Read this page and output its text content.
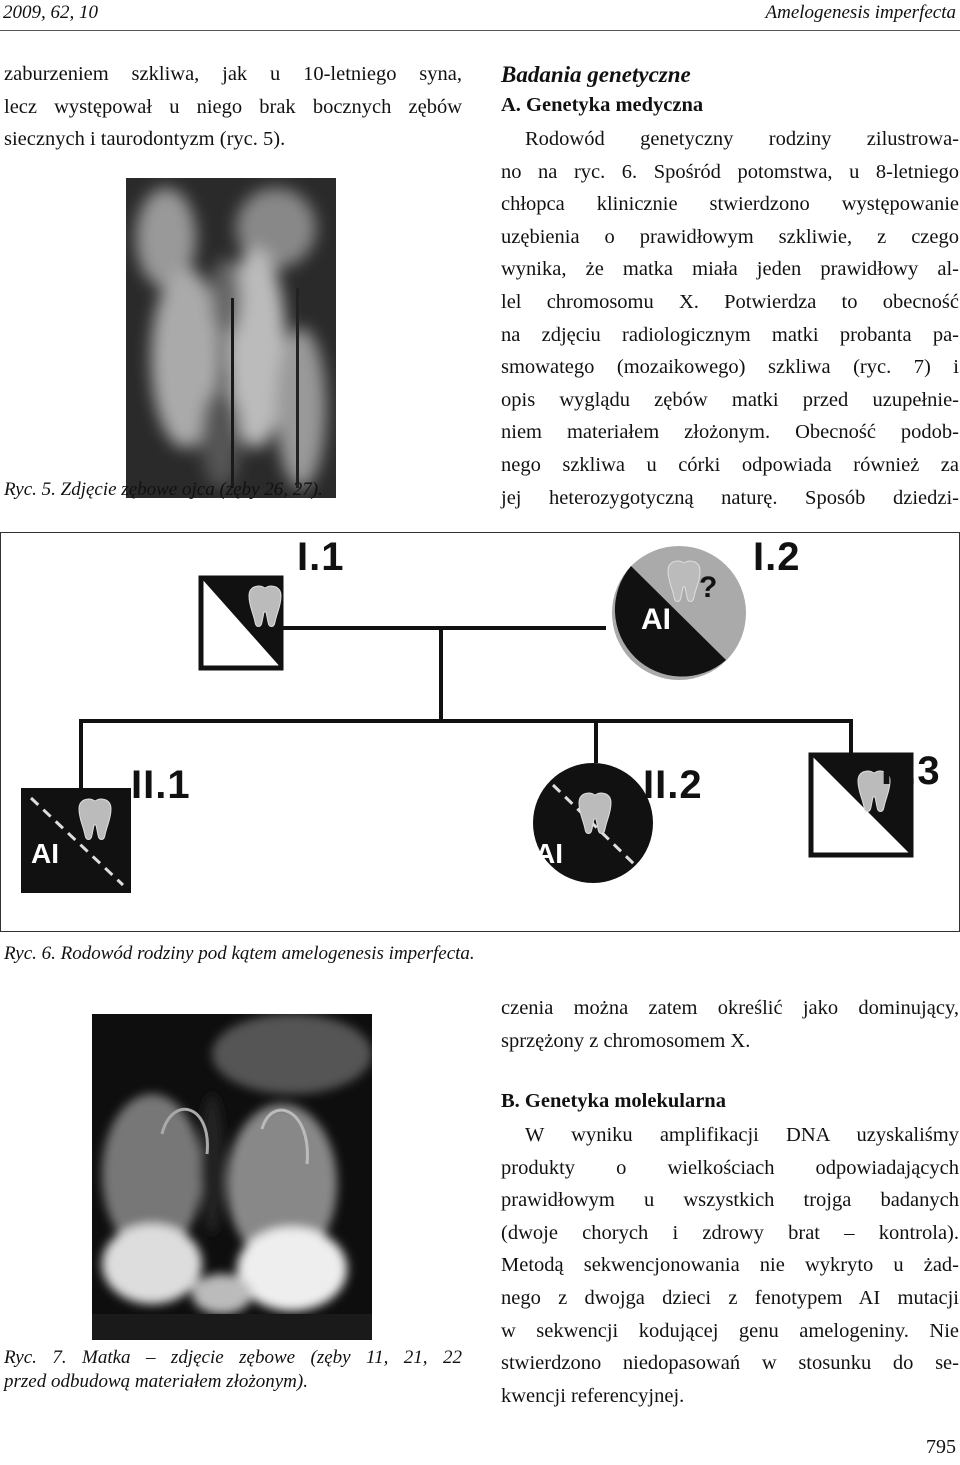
2009, 62, 10	Amelogenesis imperfecta
zaburzeniem szkliwa, jak u 10-letniego syna,
lecz występował u niego brak bocznych zębów
siecznych i taurodontyzm (ryc. 5).
Ryc. 5. Zdjęcie zębowe ojca (zęby 26, 27).
Badania genetyczne
A. Genetyka medyczna
Rodowód genetyczny rodziny zilustrowa-
no na ryc. 6. Spośród potomstwa, u 8-letniego
chłopca klinicznie stwierdzono występowanie
uzębienia o prawidłowym szkliwie, z czego
wynika, że matka miała jeden prawidłowy al-
lel chromosomu X. Potwierdza to obecność
na zdjęciu radiologicznym matki probanta pa-
smowatego (mozaikowego) szkliwa (ryc. 7) i
opis wyglądu zębów matki przed uzupełnie-
niem materiałem złożonym. Obecność podob-
nego szkliwa u córki odpowiada również za
jej heterozygotyczną naturę. Sposób dziedzi-
I.1	I.2
II.1	II.2	II.3
AI
?
AI	AI
Ryc. 6. Rodowód rodziny pod kątem amelogenesis imperfecta.
Ryc. 7. Matka – zdjęcie zębowe (zęby 11, 21, 22
przed odbudową materiałem złożonym).
czenia można zatem określić jako dominujący,
sprzężony z chromosomem X.
B. Genetyka molekularna
W wyniku amplifikacji DNA uzyskaliśmy
produkty o wielkościach odpowiadających
prawidłowym u wszystkich trojga badanych
(dwoje chorych i zdrowy brat – kontrola).
Metodą sekwencjonowania nie wykryto u żad-
nego z dwojga dzieci z fenotypem AI mutacji
w sekwencji kodującej genu amelogeniny. Nie
stwierdzono niedopasowań w stosunku do se-
kwencji referencyjnej.
795
